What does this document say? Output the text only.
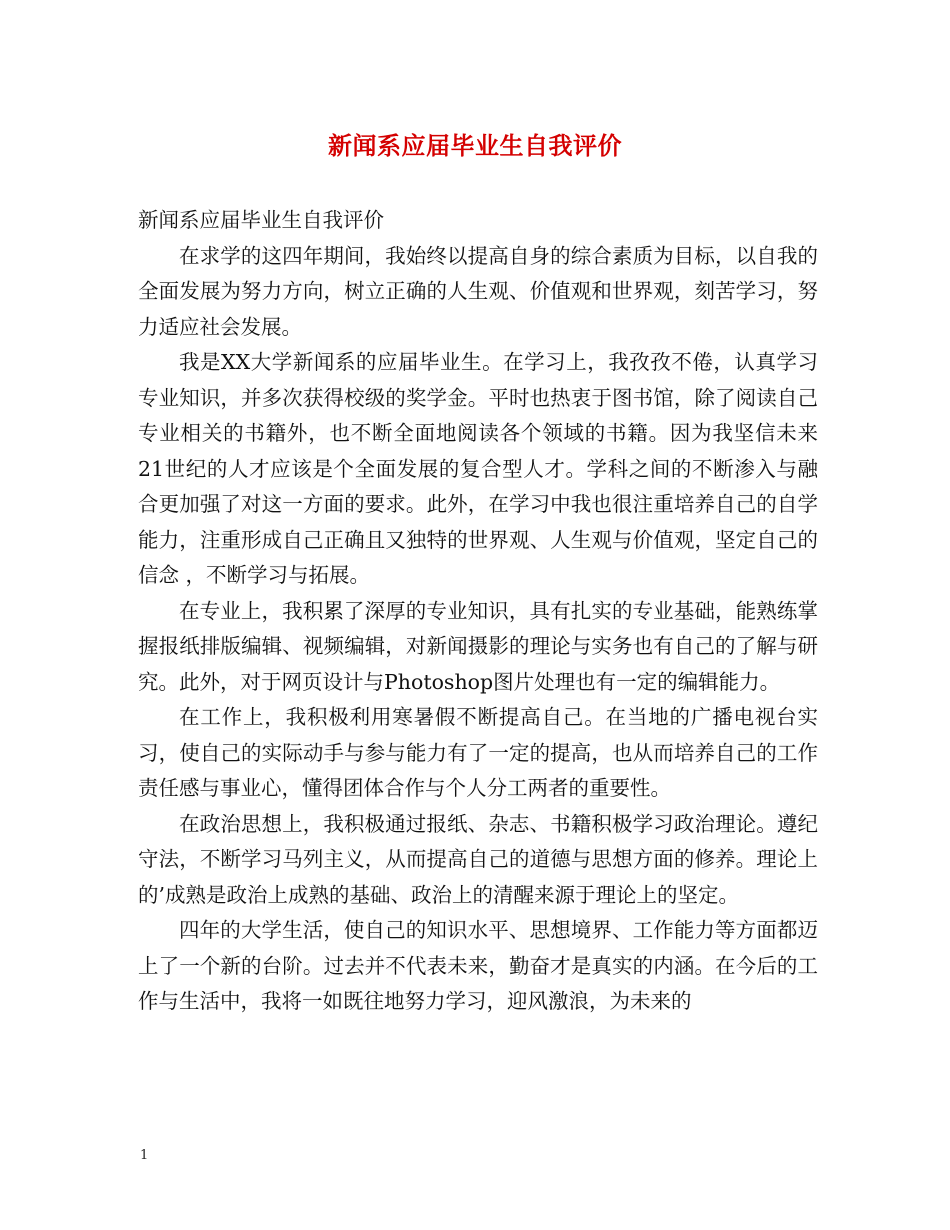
新闻系应届毕业生自我评价

新闻系应届毕业生自我评价

在求学的这四年期间，我始终以提高自身的综合素质为目标，以自我的全面发展为努力方向，树立正确的人生观、价值观和世界观，刻苦学习，努力适应社会发展。

我是XX大学新闻系的应届毕业生。在学习上，我孜孜不倦，认真学习专业知识，并多次获得校级的奖学金。平时也热衷于图书馆，除了阅读自己专业相关的书籍外，也不断全面地阅读各个领域的书籍。因为我坚信未来21世纪的人才应该是个全面发展的复合型人才。学科之间的不断渗入与融合更加强了对这一方面的要求。此外，在学习中我也很注重培养自己的自学能力，注重形成自己正确且又独特的世界观、人生观与价值观，坚定自己的信念 ，不断学习与拓展。

在专业上，我积累了深厚的专业知识，具有扎实的专业基础，能熟练掌握报纸排版编辑、视频编辑，对新闻摄影的理论与实务也有自己的了解与研究。此外，对于网页设计与Photoshop图片处理也有一定的编辑能力。

在工作上，我积极利用寒暑假不断提高自己。在当地的广播电视台实习，使自己的实际动手与参与能力有了一定的提高，也从而培养自己的工作责任感与事业心，懂得团体合作与个人分工两者的重要性。

在政治思想上，我积极通过报纸、杂志、书籍积极学习政治理论。遵纪守法，不断学习马列主义，从而提高自己的道德与思想方面的修养。理论上的’成熟是政治上成熟的基础、政治上的清醒来源于理论上的坚定。

四年的大学生活，使自己的知识水平、思想境界、工作能力等方面都迈上了一个新的台阶。过去并不代表未来，勤奋才是真实的内涵。在今后的工作与生活中，我将一如既往地努力学习，迎风激浪，为未来的

1
